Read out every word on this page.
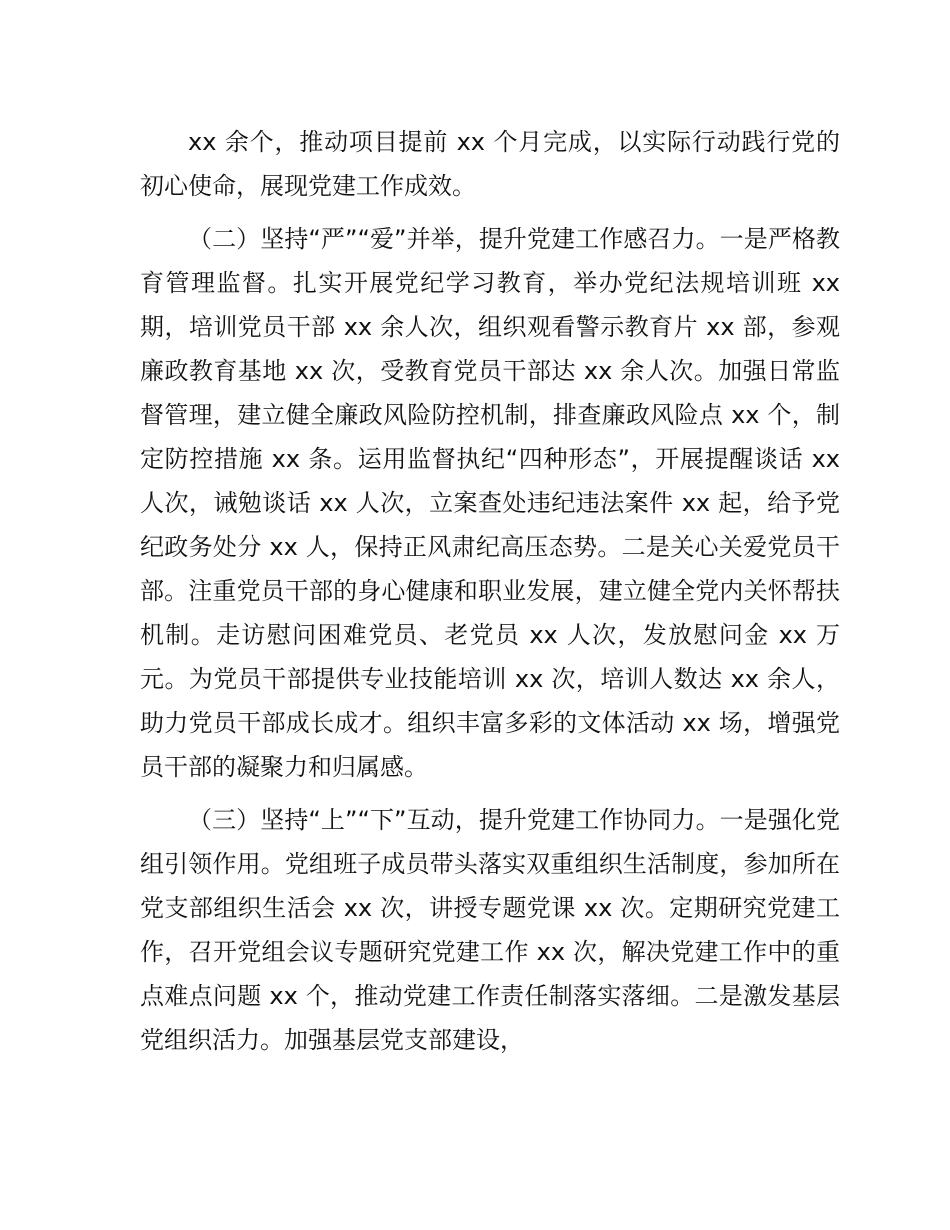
xx 余个，推动项目提前 xx 个月完成，以实际行动践行党的初心使命，展现党建工作成效。

（二）坚持“严”“爱”并举，提升党建工作感召力。一是严格教育管理监督。扎实开展党纪学习教育，举办党纪法规培训班 xx 期，培训党员干部 xx 余人次，组织观看警示教育片 xx 部，参观廉政教育基地 xx 次，受教育党员干部达 xx 余人次。加强日常监督管理，建立健全廉政风险防控机制，排查廉政风险点 xx 个，制定防控措施 xx 条。运用监督执纪“四种形态”，开展提醒谈话 xx 人次，诫勉谈话 xx 人次，立案查处违纪违法案件 xx 起，给予党纪政务处分 xx 人，保持正风肃纪高压态势。二是关心关爱党员干部。注重党员干部的身心健康和职业发展，建立健全党内关怀帮扶机制。走访慰问困难党员、老党员 xx 人次，发放慰问金 xx 万元。为党员干部提供专业技能培训 xx 次，培训人数达 xx 余人，助力党员干部成长成才。组织丰富多彩的文体活动 xx 场，增强党员干部的凝聚力和归属感。

（三）坚持“上”“下”互动，提升党建工作协同力。一是强化党组引领作用。党组班子成员带头落实双重组织生活制度，参加所在党支部组织生活会 xx 次，讲授专题党课 xx 次。定期研究党建工作，召开党组会议专题研究党建工作 xx 次，解决党建工作中的重点难点问题 xx 个，推动党建工作责任制落实落细。二是激发基层党组织活力。加强基层党支部建设，
